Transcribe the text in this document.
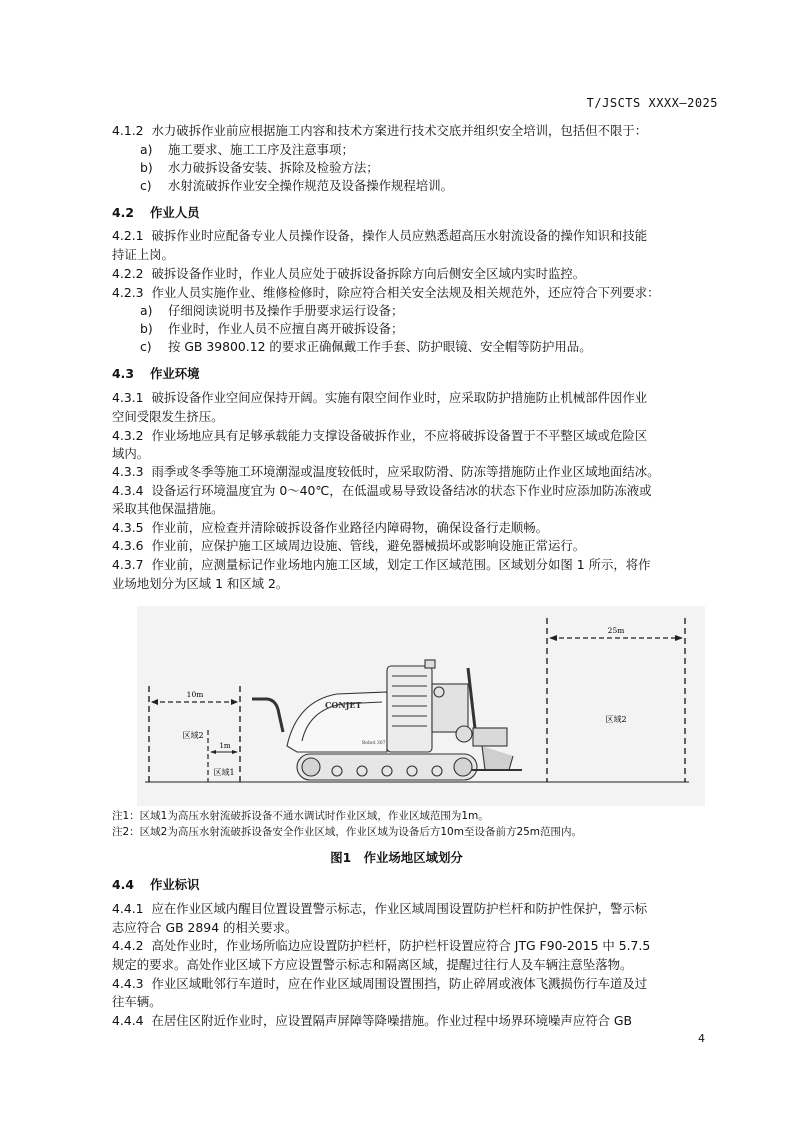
T/JSCTS XXXX—2025
4.1.2 水力破拆作业前应根据施工内容和技术方案进行技术交底并组织安全培训，包括但不限于：
a) 施工要求、施工工序及注意事项；
b) 水力破拆设备安装、拆除及检验方法；
c) 水射流破拆作业安全操作规范及设备操作规程培训。
4.2 作业人员
4.2.1 破拆作业时应配备专业人员操作设备，操作人员应熟悉超高压水射流设备的操作知识和技能
持证上岗。
4.2.2 破拆设备作业时，作业人员应处于破拆设备拆除方向后侧安全区域内实时监控。
4.2.3 作业人员实施作业、维修检修时，除应符合相关安全法规及相关规范外，还应符合下列要求：
a) 仔细阅读说明书及操作手册要求运行设备；
b) 作业时，作业人员不应擅自离开破拆设备；
c) 按 GB 39800.12 的要求正确佩戴工作手套、防护眼镜、安全帽等防护用品。
4.3 作业环境
4.3.1 破拆设备作业空间应保持开阔。实施有限空间作业时，应采取防护措施防止机械部件因作业
空间受限发生挤压。
4.3.2 作业场地应具有足够承载能力支撑设备破拆作业，不应将破拆设备置于不平整区域或危险区
域内。
4.3.3 雨季或冬季等施工环境潮湿或温度较低时，应采取防滑、防冻等措施防止作业区域地面结冰。
4.3.4 设备运行环境温度宜为 0～40℃，在低温或易导致设备结冰的状态下作业时应添加防冻液或
采取其他保温措施。
4.3.5 作业前，应检查并清除破拆设备作业路径内障碍物，确保设备行走顺畅。
4.3.6 作业前，应保护施工区域周边设施、管线，避免器械损坏或影响设施正常运行。
4.3.7 作业前，应测量标记作业场地内施工区域，划定工作区域范围。区域划分如图 1 所示，将作
业场地划分为区域 1 和区域 2。
25m
区域2
10m
区域2
1m
区域1
CONJET
Robot 307
注1：区域1为高压水射流破拆设备不通水调试时作业区域，作业区域范围为1m。
注2：区域2为高压水射流破拆设备安全作业区域，作业区域为设备后方10m至设备前方25m范围内。
图1　作业场地区域划分
4.4 作业标识
4.4.1 应在作业区域内醒目位置设置警示标志，作业区域周围设置防护栏杆和防护性保护，警示标
志应符合 GB 2894 的相关要求。
4.4.2 高处作业时，作业场所临边应设置防护栏杆，防护栏杆设置应符合 JTG F90-2015 中 5.7.5
规定的要求。高处作业区域下方应设置警示标志和隔离区域，提醒过往行人及车辆注意坠落物。
4.4.3 作业区域毗邻行车道时，应在作业区域周围设置围挡，防止碎屑或液体飞溅损伤行车道及过
往车辆。
4.4.4 在居住区附近作业时，应设置隔声屏障等降噪措施。作业过程中场界环境噪声应符合 GB
4
